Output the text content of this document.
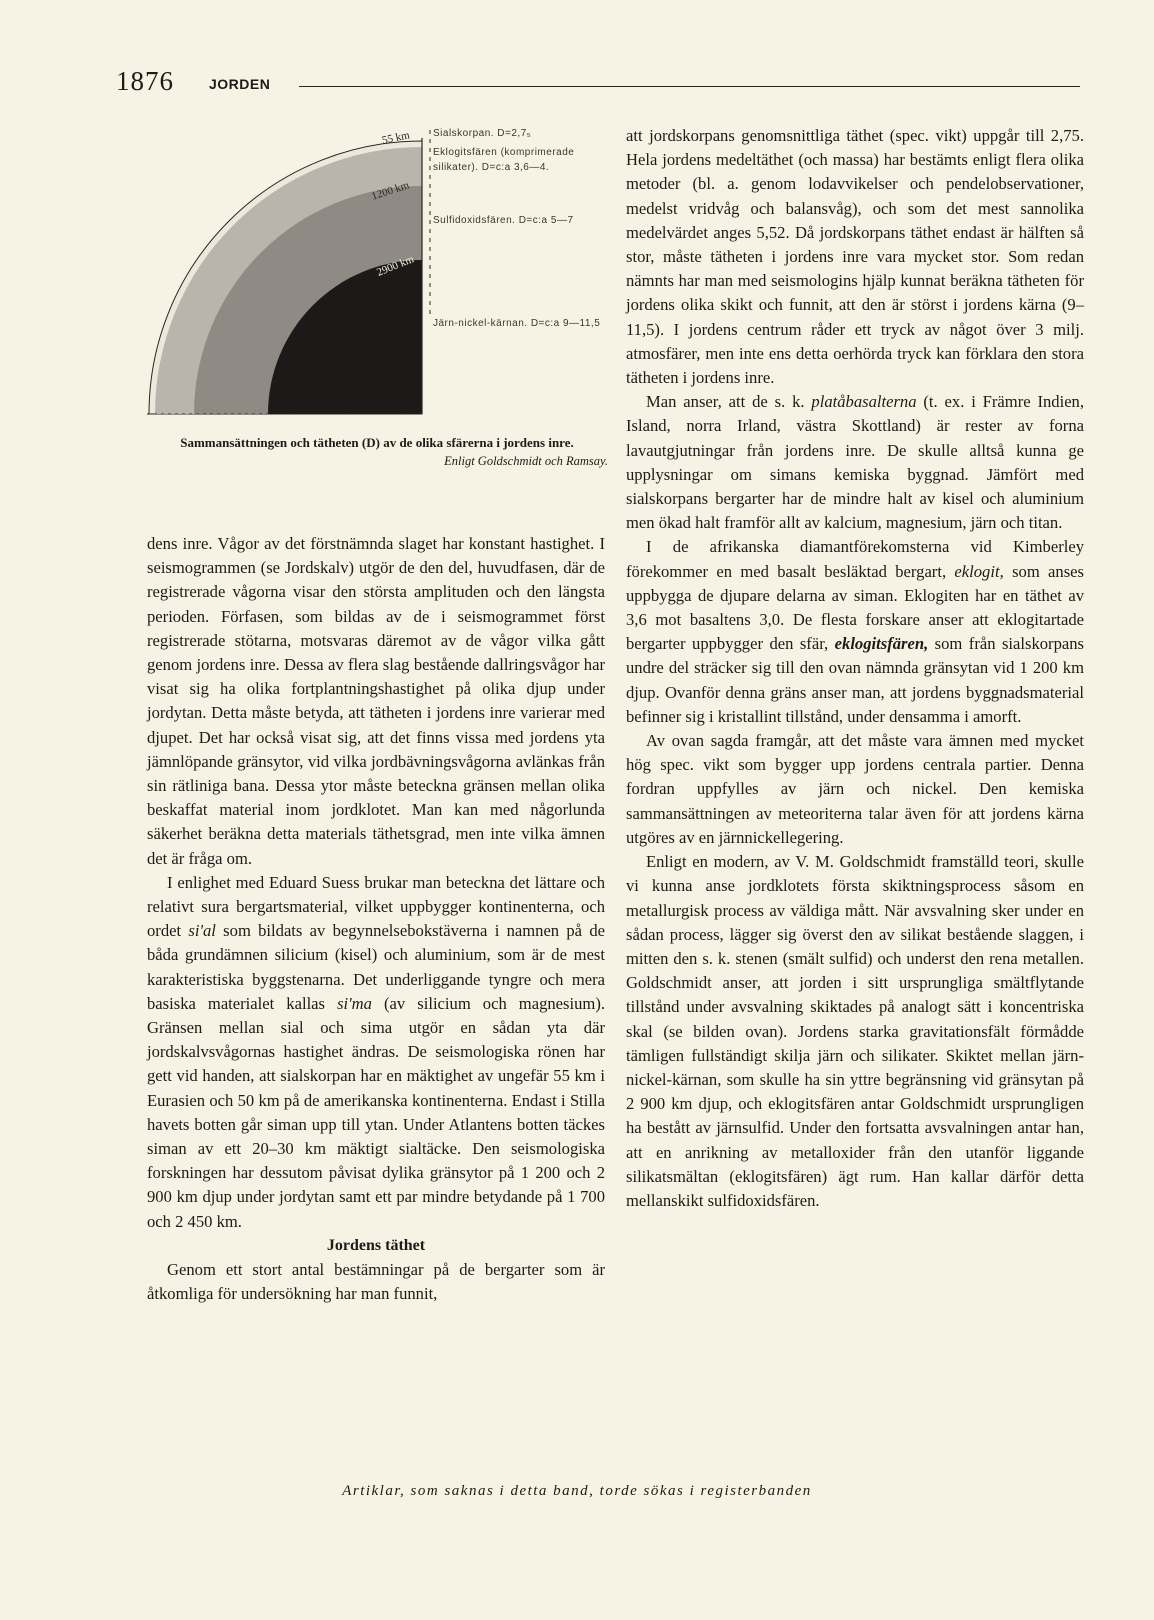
1876	JORDEN
55 km
1200 km
2900 km
Sialskorpan. D=2,7₅
Eklogitsfären (komprimerade silikater). D=c:a 3,6—4.
Sulfidoxidsfären. D=c:a 5—7
Järn-nickel-kärnan. D=c:a 9—11,5
Sammansättningen och tätheten (D) av de olika sfärerna i jordens inre.
Enligt Goldschmidt och Ramsay.

dens inre. Vågor av det förstnämnda slaget har konstant hastighet. I seismogrammen (se Jordskalv) utgör de den del, huvudfasen, där de registrerade vågorna visar den största amplituden och den längsta perioden. Förfasen, som bildas av de i seismogrammet först registrerade stötarna, motsvaras däremot av de vågor vilka gått genom jordens inre. Dessa av flera slag bestående dallringsvågor har visat sig ha olika fortplantningshastighet på olika djup under jordytan. Detta måste betyda, att tätheten i jordens inre varierar med djupet. Det har också visat sig, att det finns vissa med jordens yta jämnlöpande gränsytor, vid vilka jordbävningsvågorna avlänkas från sin rätliniga bana. Dessa ytor måste beteckna gränsen mellan olika beskaffat material inom jordklotet. Man kan med någorlunda säkerhet beräkna detta materials täthetsgrad, men inte vilka ämnen det är fråga om.

I enlighet med Eduard Suess brukar man beteckna det lättare och relativt sura bergartsmaterial, vilket uppbygger kontinenterna, och ordet si'al som bildats av begynnelsebokstäverna i namnen på de båda grundämnen silicium (kisel) och aluminium, som är de mest karakteristiska byggstenarna. Det underliggande tyngre och mera basiska materialet kallas si'ma (av silicium och magnesium). Gränsen mellan sial och sima utgör en sådan yta där jordskalvsvågornas hastighet ändras. De seismologiska rönen har gett vid handen, att sialskorpan har en mäktighet av ungefär 55 km i Eurasien och 50 km på de amerikanska kontinenterna. Endast i Stilla havets botten går siman upp till ytan. Under Atlantens botten täckes siman av ett 20–30 km mäktigt sialtäcke. Den seismologiska forskningen har dessutom påvisat dylika gränsytor på 1 200 och 2 900 km djup under jordytan samt ett par mindre betydande på 1 700 och 2 450 km.

Jordens täthet

Genom ett stort antal bestämningar på de bergarter som är åtkomliga för undersökning har man funnit,

att jordskorpans genomsnittliga täthet (spec. vikt) uppgår till 2,75. Hela jordens medeltäthet (och massa) har bestämts enligt flera olika metoder (bl. a. genom lodavvikelser och pendelobservationer, medelst vridvåg och balansvåg), och som det mest sannolika medelvärdet anges 5,52. Då jordskorpans täthet endast är hälften så stor, måste tätheten i jordens inre vara mycket stor. Som redan nämnts har man med seismologins hjälp kunnat beräkna tätheten för jordens olika skikt och funnit, att den är störst i jordens kärna (9–11,5). I jordens centrum råder ett tryck av något över 3 milj. atmosfärer, men inte ens detta oerhörda tryck kan förklara den stora tätheten i jordens inre.

Man anser, att de s. k. platåbasalterna (t. ex. i Främre Indien, Island, norra Irland, västra Skottland) är rester av forna lavautgjutningar från jordens inre. De skulle alltså kunna ge upplysningar om simans kemiska byggnad. Jämfört med sialskorpans bergarter har de mindre halt av kisel och aluminium men ökad halt framför allt av kalcium, magnesium, järn och titan.

I de afrikanska diamantförekomsterna vid Kimberley förekommer en med basalt besläktad bergart, eklogit, som anses uppbygga de djupare delarna av siman. Eklogiten har en täthet av 3,6 mot basaltens 3,0. De flesta forskare anser att eklogitartade bergarter uppbygger den sfär, eklogitsfären, som från sialskorpans undre del sträcker sig till den ovan nämnda gränsytan vid 1 200 km djup. Ovanför denna gräns anser man, att jordens byggnadsmaterial befinner sig i kristallint tillstånd, under densamma i amorft.

Av ovan sagda framgår, att det måste vara ämnen med mycket hög spec. vikt som bygger upp jordens centrala partier. Denna fordran uppfylles av järn och nickel. Den kemiska sammansättningen av meteoriterna talar även för att jordens kärna utgöres av en järnnickellegering.

Enligt en modern, av V. M. Goldschmidt framställd teori, skulle vi kunna anse jordklotets första skiktningsprocess såsom en metallurgisk process av väldiga mått. När avsvalning sker under en sådan process, lägger sig överst den av silikat bestående slaggen, i mitten den s. k. stenen (smält sulfid) och underst den rena metallen. Goldschmidt anser, att jorden i sitt ursprungliga smältflytande tillstånd under avsvalning skiktades på analogt sätt i koncentriska skal (se bilden ovan). Jordens starka gravitationsfält förmådde tämligen fullständigt skilja järn och silikater. Skiktet mellan järn-nickel-kärnan, som skulle ha sin yttre begränsning vid gränsytan på 2 900 km djup, och eklogitsfären antar Goldschmidt ursprungligen ha bestått av järnsulfid. Under den fortsatta avsvalningen antar han, att en anrikning av metalloxider från den utanför liggande silikatsmältan (eklogitsfären) ägt rum. Han kallar därför detta mellanskikt sulfidoxidsfären.

Artiklar, som saknas i detta band, torde sökas i registerbanden
